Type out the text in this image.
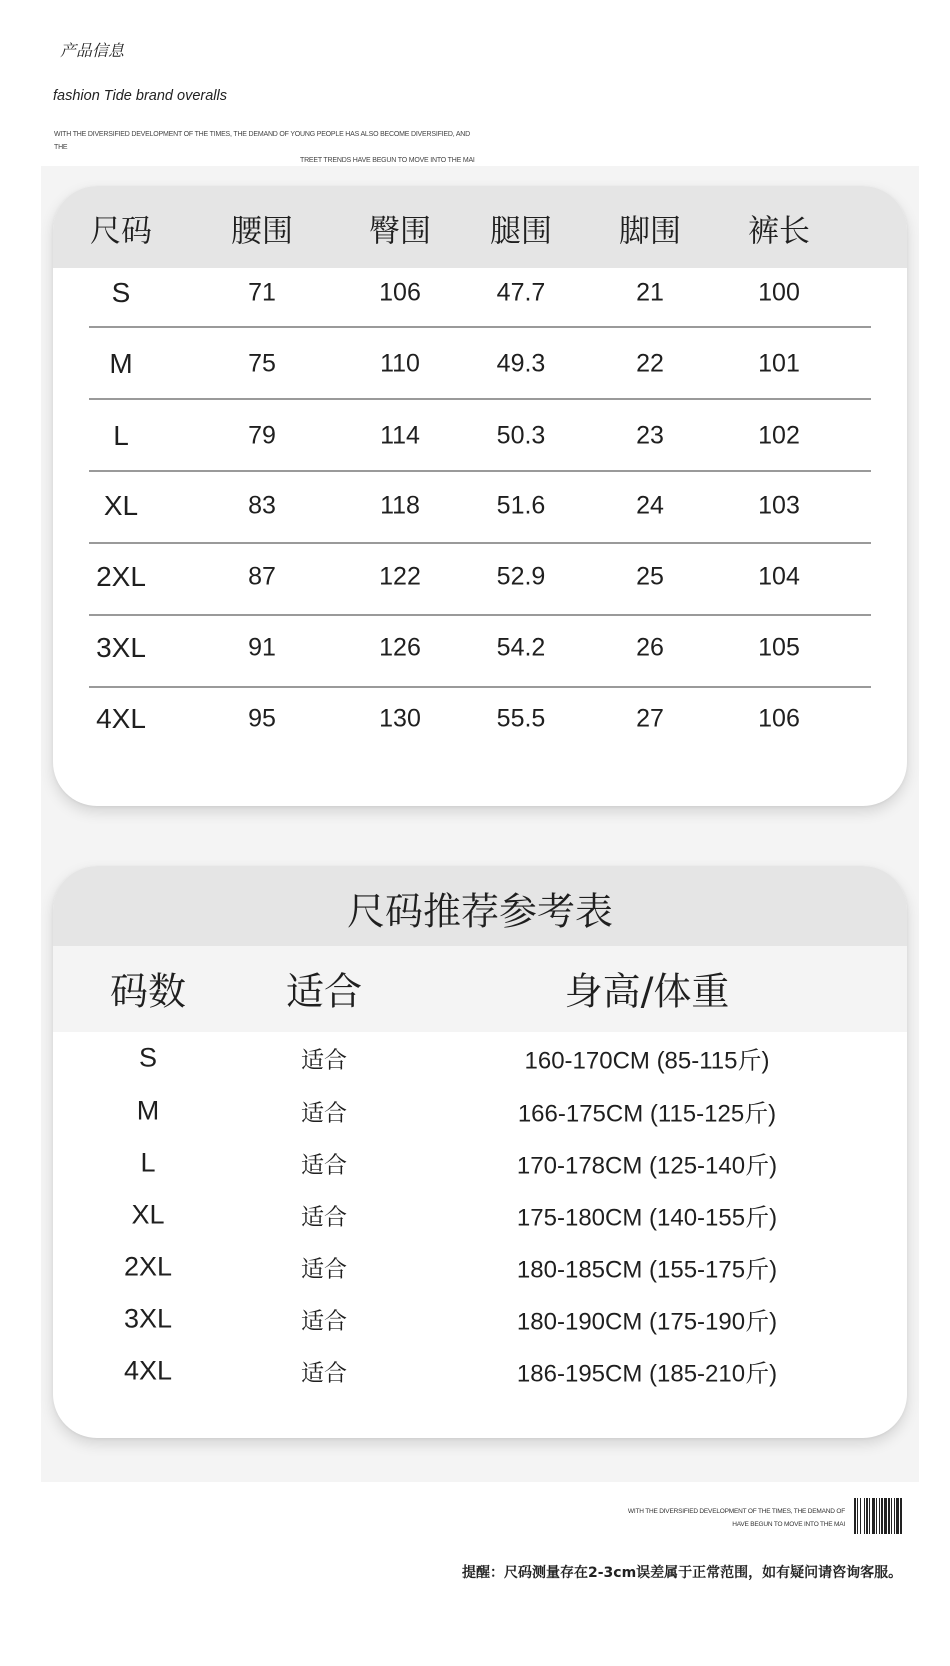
产品信息
fashion Tide brand overalls
WITH THE DIVERSIFIED DEVELOPMENT OF THE TIMES, THE DEMAND OF YOUNG PEOPLE HAS ALSO BECOME DIVERSIFIED, AND THE
TREET TRENDS HAVE BEGUN TO MOVE INTO THE MAI
尺码	腰围 臀围 腿围 脚围 裤长
S	71	106	47.7	21	100
M	75	110	49.3	22	101
L	79	114	50.3	23	102
XL	83	118	51.6	24	103
2XL	87	122	52.9	25	104
3XL	91	126	54.2	26	105
4XL	95	130	55.5	27	106
尺码推荐参考表
码数	适合	身高/体重
S	适合	160-170CM (85-115斤)
M	适合	166-175CM (115-125斤)
L	适合	170-178CM (125-140斤)
XL	适合	175-180CM (140-155斤)
2XL	适合	180-185CM (155-175斤)
3XL	适合	180-190CM (175-190斤)
4XL	适合	186-195CM (185-210斤)
WITH THE DIVERSIFIED DEVELOPMENT OF THE TIMES, THE DEMAND OF
HAVE BEGUN TO MOVE INTO THE MAI
提醒：尺码测量存在2-3cm误差属于正常范围，如有疑问请咨询客服。
